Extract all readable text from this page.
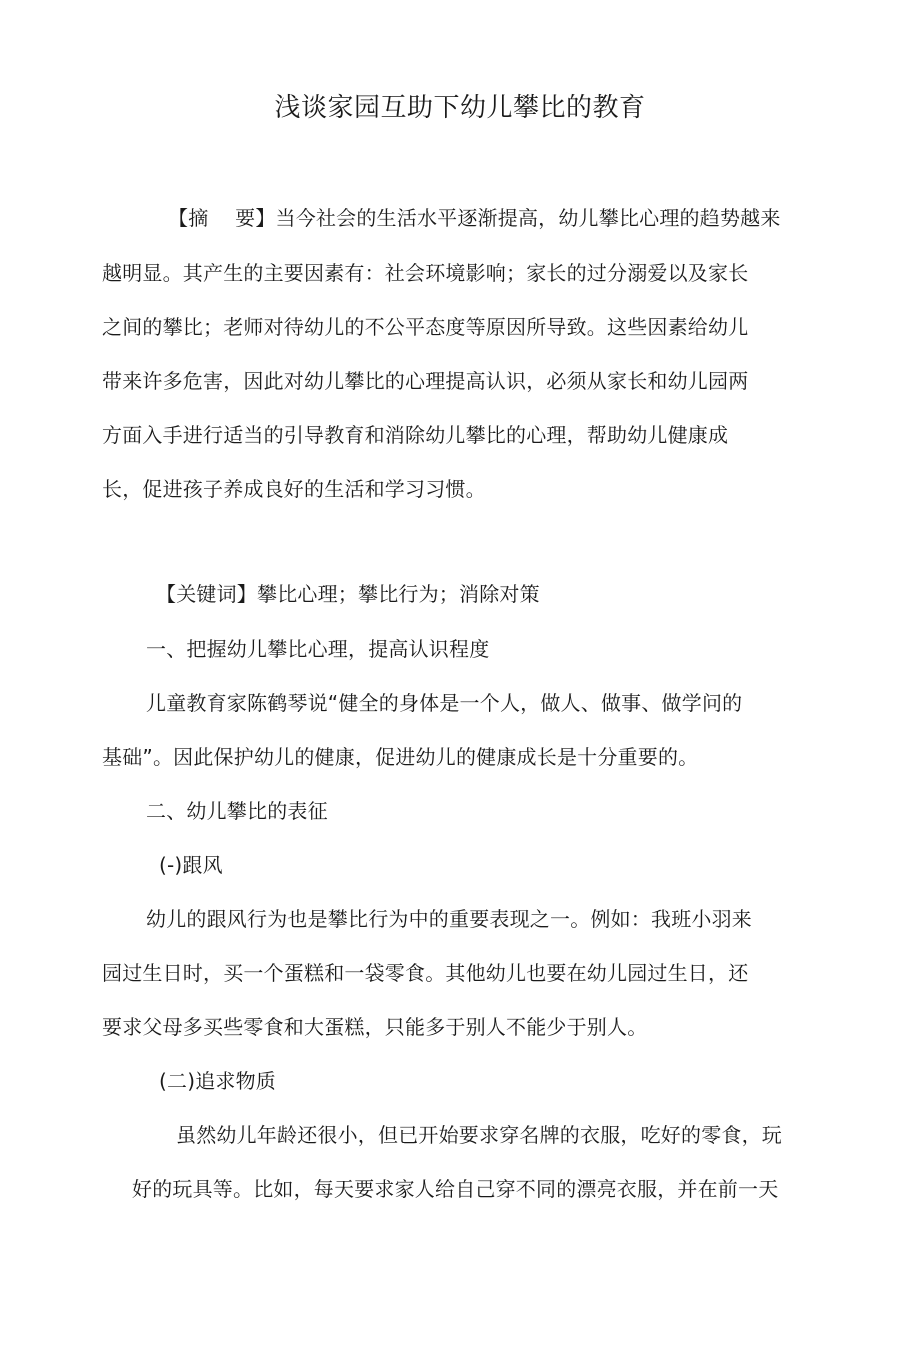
浅谈家园互助下幼儿攀比的教育
【摘　 要】当今社会的生活水平逐渐提高，幼儿攀比心理的趋势越来
越明显。其产生的主要因素有：社会环境影响；家长的过分溺爱以及家长
之间的攀比；老师对待幼儿的不公平态度等原因所导致。这些因素给幼儿
带来许多危害，因此对幼儿攀比的心理提高认识，必须从家长和幼儿园两
方面入手进行适当的引导教育和消除幼儿攀比的心理，帮助幼儿健康成
长，促进孩子养成良好的生活和学习习惯。
【关键词】攀比心理；攀比行为；消除对策
一、把握幼儿攀比心理，提高认识程度
儿童教育家陈鹤琴说“健全的身体是一个人，做人、做事、做学问的
基础”。因此保护幼儿的健康，促进幼儿的健康成长是十分重要的。
二、幼儿攀比的表征
(-)跟风
幼儿的跟风行为也是攀比行为中的重要表现之一。例如：我班小羽来
园过生日时，买一个蛋糕和一袋零食。其他幼儿也要在幼儿园过生日，还
要求父母多买些零食和大蛋糕，只能多于别人不能少于别人。
(二)追求物质
虽然幼儿年龄还很小，但已开始要求穿名牌的衣服，吃好的零食，玩
好的玩具等。比如，每天要求家人给自己穿不同的漂亮衣服，并在前一天
